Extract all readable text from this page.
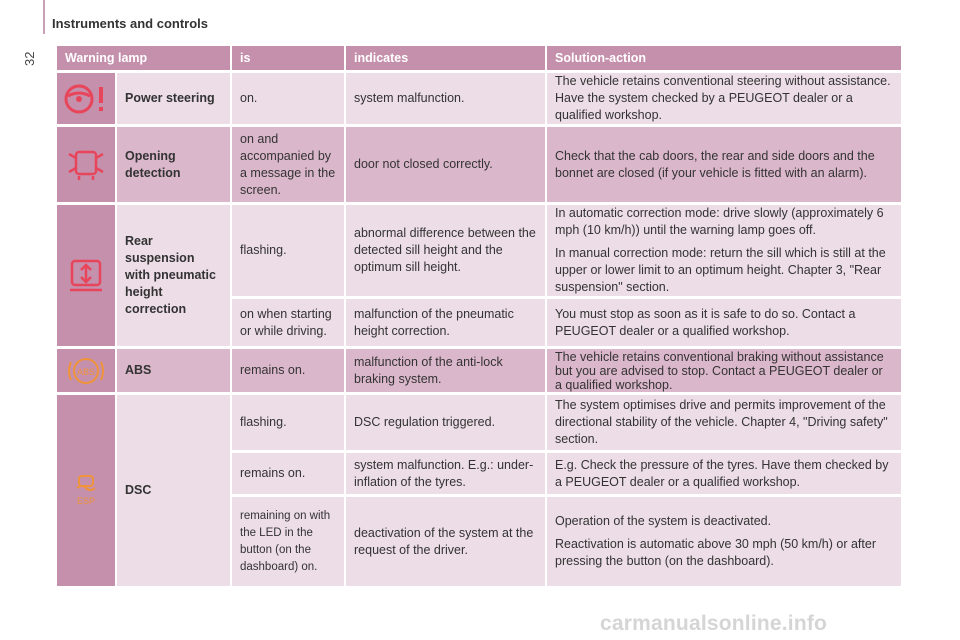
32
Instruments and controls
Warning lamp		is	indicates	Solution-action
	Power steering	on.	system malfunction.	The vehicle retains conventional steering without assistance. Have the system checked by a PEUGEOT dealer or a qualified workshop.
	Opening detection	on and accompanied by a message in the screen.	door not closed correctly.	Check that the cab doors, the rear and side doors and the bonnet are closed (if your vehicle is fitted with an alarm).
	Rear suspension with pneumatic height correction	flashing.	abnormal difference between the detected sill height and the optimum sill height.	In automatic correction mode: drive slowly (approximately 6 mph (10 km/h)) until the warning lamp goes off.

In manual correction mode: return the sill which is still at the upper or lower limit to an optimum height. Chapter 3, "Rear suspension" section.

		on when starting or while driving.	malfunction of the pneumatic height correction.	You must stop as soon as it is safe to do so. Contact a PEUGEOT dealer or a qualified workshop.

ABS	ABS	remains on.	malfunction of the anti-lock braking system.	The vehicle retains conventional braking without assistance but you are advised to stop. Contact a PEUGEOT dealer or a qualified workshop.

ESP	DSC	flashing.	DSC regulation triggered.	The system optimises drive and permits improvement of the directional stability of the vehicle. Chapter 4, "Driving safety" section.
		remains on.	system malfunction. E.g.: under-inflation of the tyres.	E.g. Check the pressure of the tyres. Have them checked by a PEUGEOT dealer or a qualified workshop.
		remaining on with the LED in the button (on the dashboard) on.	deactivation of the system at the request of the driver.	Operation of the system is deactivated.

Reactivation is automatic above 30 mph (50 km/h) or after pressing the button (on the dashboard).

carmanualsonline.info
